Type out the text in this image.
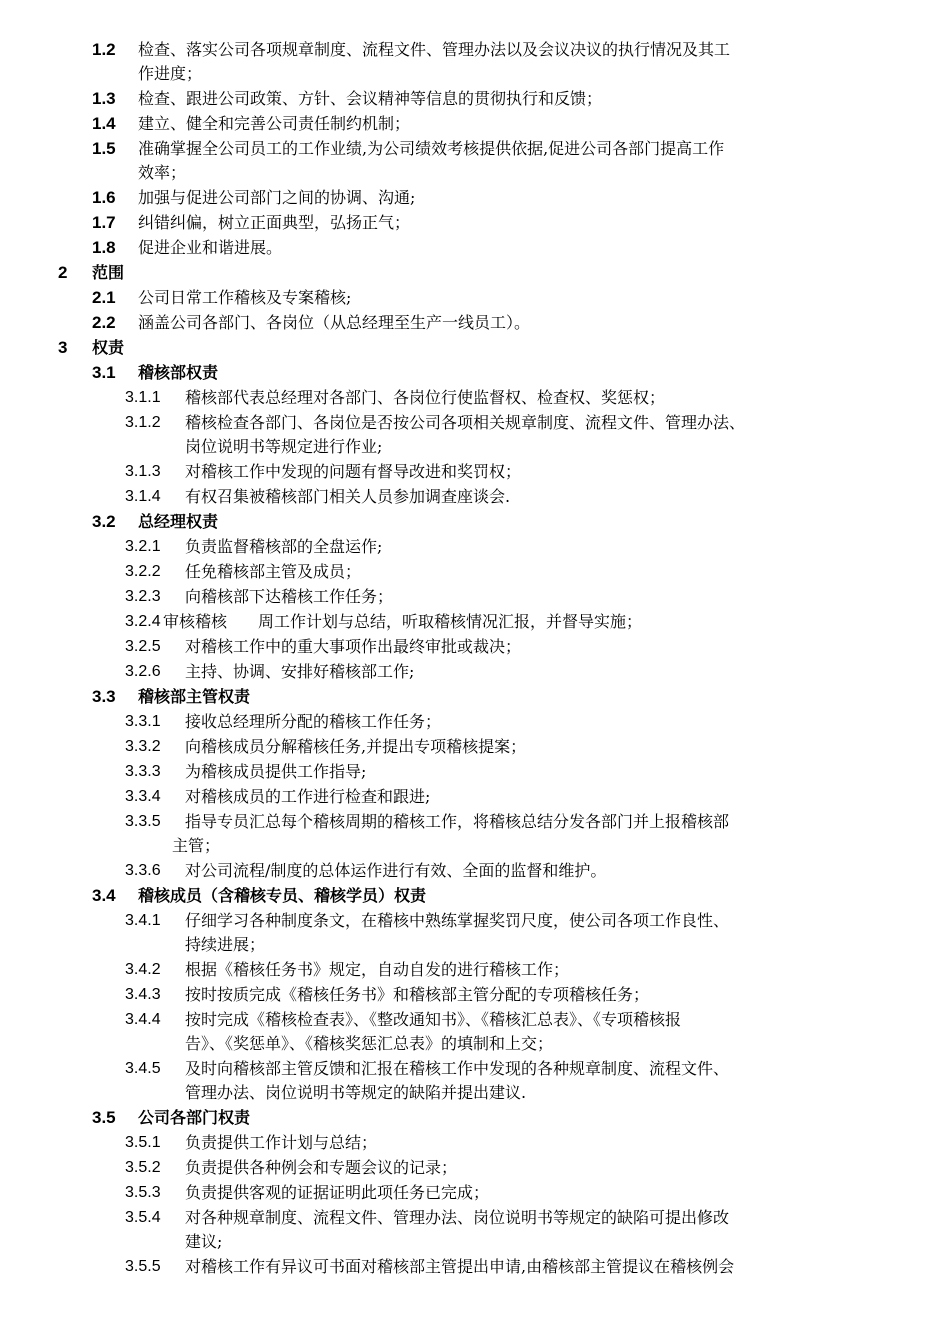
1.2 检查、落实公司各项规章制度、流程文件、管理办法以及会议决议的执行情况及其工
作进度；
1.3 检查、跟进公司政策、方针、会议精神等信息的贯彻执行和反馈；
1.4 建立、健全和完善公司责任制约机制；
1.5 准确掌握全公司员工的工作业绩,为公司绩效考核提供依据,促进公司各部门提高工作
效率；
1.6 加强与促进公司部门之间的协调、沟通;
1.7 纠错纠偏，树立正面典型，弘扬正气；
1.8 促进企业和谐进展。
2 范围
2.1 公司日常工作稽核及专案稽核;
2.2 涵盖公司各部门、各岗位（从总经理至生产一线员工）。
3 权责
3.1 稽核部权责
3.1.1 稽核部代表总经理对各部门、各岗位行使监督权、检查权、奖惩权；
3.1.2 稽核检查各部门、各岗位是否按公司各项相关规章制度、流程文件、管理办法、
岗位说明书等规定进行作业;
3.1.3 对稽核工作中发现的问题有督导改进和奖罚权；
3.1.4 有权召集被稽核部门相关人员参加调查座谈会.
3.2 总经理权责
3.2.1 负责监督稽核部的全盘运作;
3.2.2 任免稽核部主管及成员；
3.2.3 向稽核部下达稽核工作任务；
3.2.4 审核稽核 周工作计划与总结，听取稽核情况汇报，并督导实施；
3.2.5 对稽核工作中的重大事项作出最终审批或裁决；
3.2.6 主持、协调、安排好稽核部工作;
3.3 稽核部主管权责
3.3.1 接收总经理所分配的稽核工作任务；
3.3.2 向稽核成员分解稽核任务,并提出专项稽核提案；
3.3.3 为稽核成员提供工作指导;
3.3.4 对稽核成员的工作进行检查和跟进;
3.3.5 指导专员汇总每个稽核周期的稽核工作，将稽核总结分发各部门并上报稽核部
主管；
3.3.6 对公司流程/制度的总体运作进行有效、全面的监督和维护。
3.4 稽核成员（含稽核专员、稽核学员）权责
3.4.1 仔细学习各种制度条文，在稽核中熟练掌握奖罚尺度，使公司各项工作良性、
持续进展；
3.4.2 根据《稽核任务书》规定，自动自发的进行稽核工作；
3.4.3 按时按质完成《稽核任务书》和稽核部主管分配的专项稽核任务；
3.4.4 按时完成《稽核检查表》、《整改通知书》、《稽核汇总表》、《专项稽核报
告》、《奖惩单》、《稽核奖惩汇总表》的填制和上交；
3.4.5 及时向稽核部主管反馈和汇报在稽核工作中发现的各种规章制度、流程文件、
管理办法、岗位说明书等规定的缺陷并提出建议.
3.5 公司各部门权责
3.5.1 负责提供工作计划与总结；
3.5.2 负责提供各种例会和专题会议的记录；
3.5.3 负责提供客观的证据证明此项任务已完成；
3.5.4 对各种规章制度、流程文件、管理办法、岗位说明书等规定的缺陷可提出修改
建议;
3.5.5 对稽核工作有异议可书面对稽核部主管提出申请,由稽核部主管提议在稽核例会
